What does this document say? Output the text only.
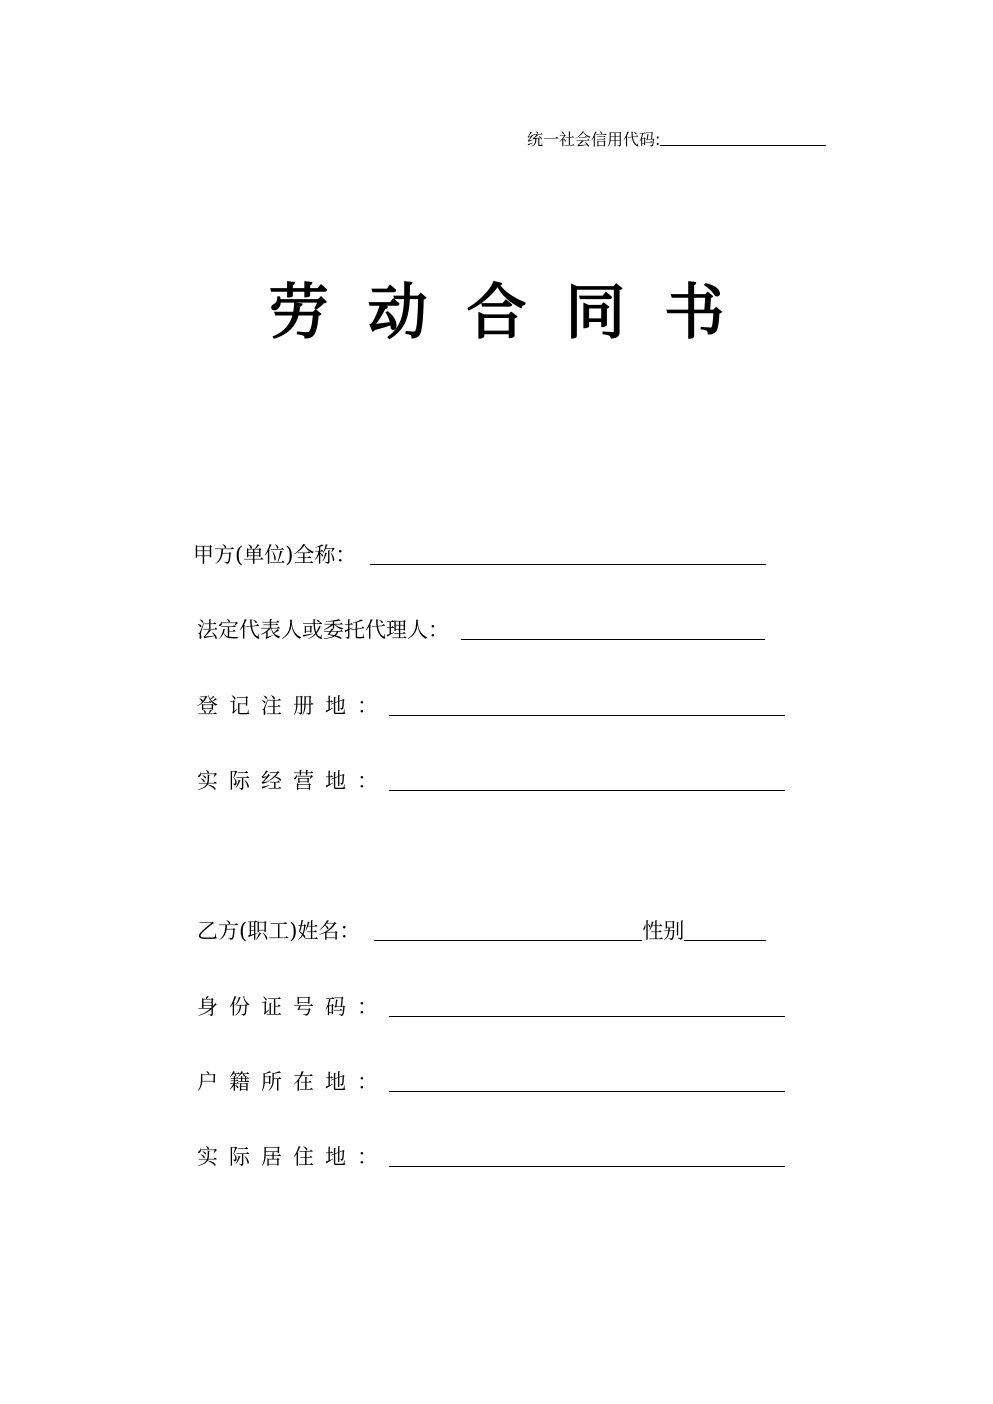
统一社会信用代码:
劳 动 合 同 书
甲方(单位)全称：
法定代表人或委托代理人：
登记注册地：
实际经营地：
乙方(职工)姓名：	性别
身份证号码：
户籍所在地：
实际居住地：
